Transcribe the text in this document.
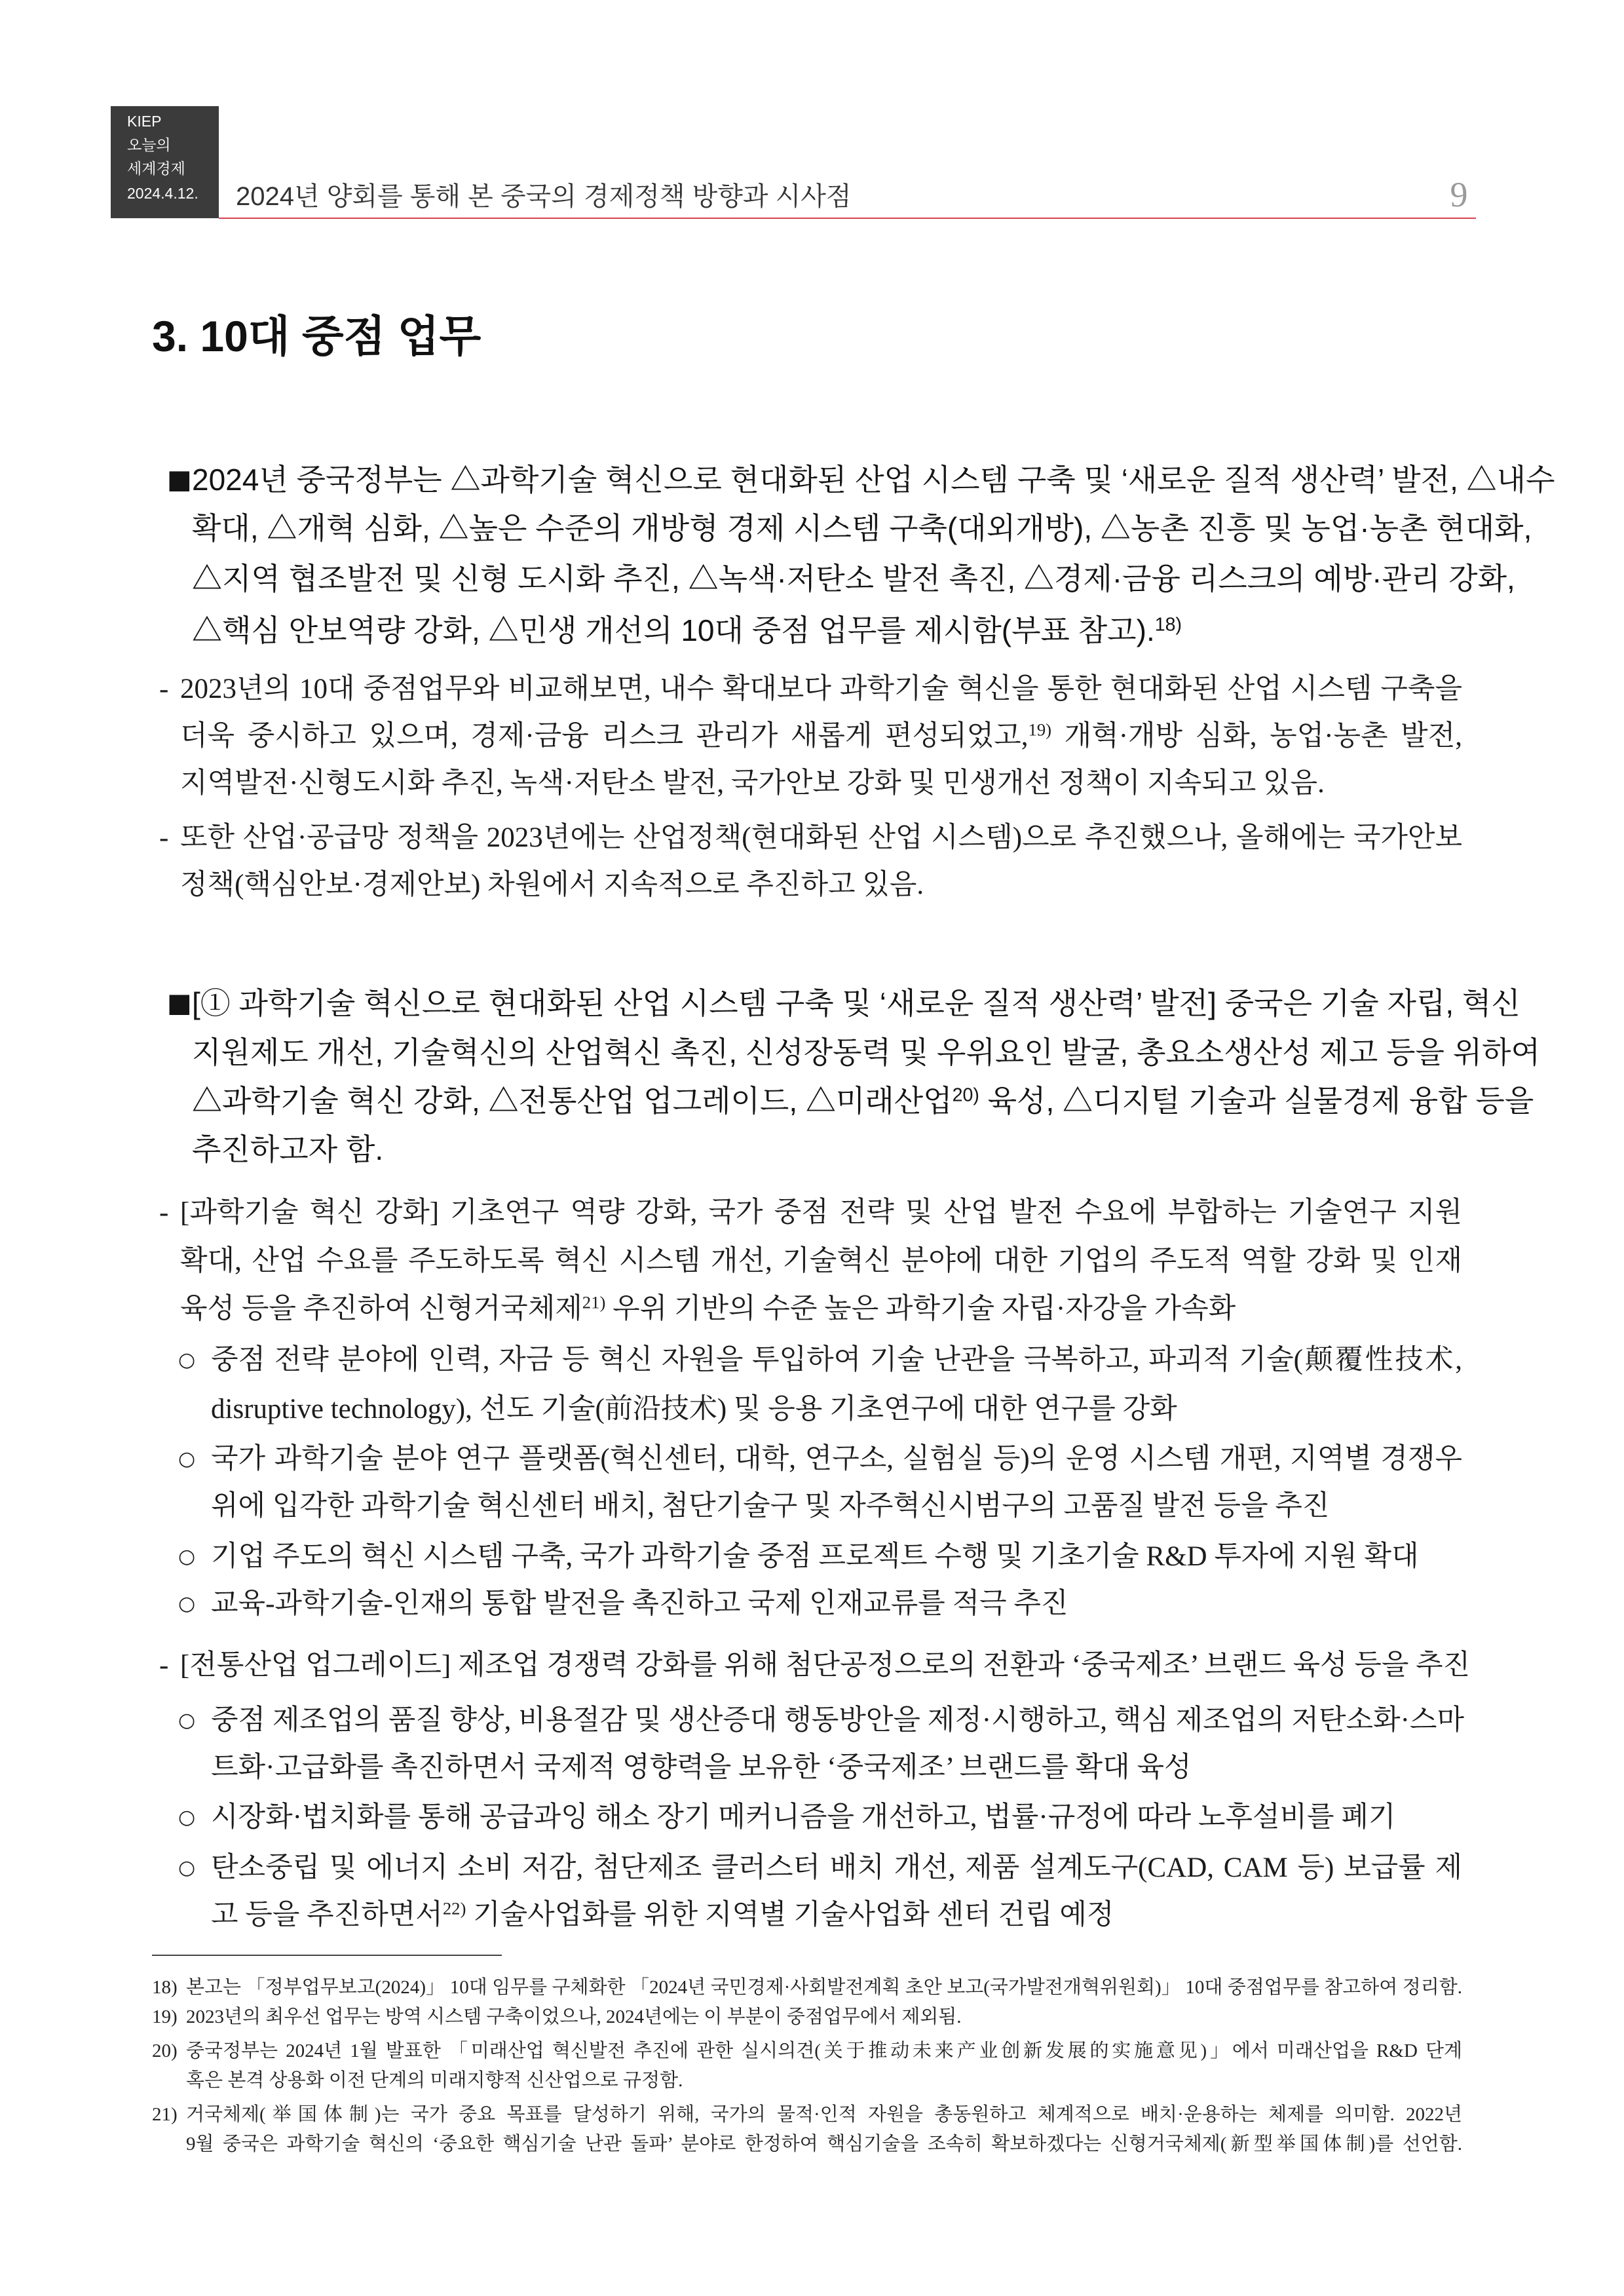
KIEP
오늘의
세계경제
2024.4.12.	2024년 양회를 통해 본 중국의 경제정책 방향과 시사점	9
3. 10대 중점 업무
■ 2024년 중국정부는 △과학기술 혁신으로 현대화된 산업 시스템 구축 및 ‘새로운 질적 생산력’ 발전, △내수
확대, △개혁 심화, △높은 수준의 개방형 경제 시스템 구축(대외개방), △농촌 진흥 및 농업·농촌 현대화,
△지역 협조발전 및 신형 도시화 추진, △녹색·저탄소 발전 촉진, △경제·금융 리스크의 예방·관리 강화,
△핵심 안보역량 강화, △민생 개선의 10대 중점 업무를 제시함(부표 참고).$^{18)}$
- 2023년의 10대 중점업무와 비교해보면, 내수 확대보다 과학기술 혁신을 통한 현대화된 산업 시스템 구축을
더욱 중시하고 있으며, 경제·금융 리스크 관리가 새롭게 편성되었고,$^{19)}$ 개혁·개방 심화, 농업·농촌 발전,
지역발전·신형도시화 추진, 녹색·저탄소 발전, 국가안보 강화 및 민생개선 정책이 지속되고 있음.
- 또한 산업·공급망 정책을 2023년에는 산업정책(현대화된 산업 시스템)으로 추진했으나, 올해에는 국가안보
정책(핵심안보·경제안보) 차원에서 지속적으로 추진하고 있음.
■ [① 과학기술 혁신으로 현대화된 산업 시스템 구축 및 ‘새로운 질적 생산력’ 발전] 중국은 기술 자립, 혁신
지원제도 개선, 기술혁신의 산업혁신 촉진, 신성장동력 및 우위요인 발굴, 총요소생산성 제고 등을 위하여
△과학기술 혁신 강화, △전통산업 업그레이드, △미래산업$^{20)}$ 육성, △디지털 기술과 실물경제 융합 등을
추진하고자 함.
- [과학기술 혁신 강화] 기초연구 역량 강화, 국가 중점 전략 및 산업 발전 수요에 부합하는 기술연구 지원
확대, 산업 수요를 주도하도록 혁신 시스템 개선, 기술혁신 분야에 대한 기업의 주도적 역할 강화 및 인재
육성 등을 추진하여 신형거국체제$^{21)}$ 우위 기반의 수준 높은 과학기술 자립·자강을 가속화
○ 중점 전략 분야에 인력, 자금 등 혁신 자원을 투입하여 기술 난관을 극복하고, 파괴적 기술(颠覆性技术,
disruptive technology), 선도 기술(前沿技术) 및 응용 기초연구에 대한 연구를 강화
○ 국가 과학기술 분야 연구 플랫폼(혁신센터, 대학, 연구소, 실험실 등)의 운영 시스템 개편, 지역별 경쟁우
위에 입각한 과학기술 혁신센터 배치, 첨단기술구 및 자주혁신시범구의 고품질 발전 등을 추진
○ 기업 주도의 혁신 시스템 구축, 국가 과학기술 중점 프로젝트 수행 및 기초기술 R&D 투자에 지원 확대
○ 교육-과학기술-인재의 통합 발전을 촉진하고 국제 인재교류를 적극 추진
- [전통산업 업그레이드] 제조업 경쟁력 강화를 위해 첨단공정으로의 전환과 ‘중국제조’ 브랜드 육성 등을 추진
○ 중점 제조업의 품질 향상, 비용절감 및 생산증대 행동방안을 제정·시행하고, 핵심 제조업의 저탄소화·스마
트화·고급화를 촉진하면서 국제적 영향력을 보유한 ‘중국제조’ 브랜드를 확대 육성
○ 시장화·법치화를 통해 공급과잉 해소 장기 메커니즘을 개선하고, 법률·규정에 따라 노후설비를 폐기
○ 탄소중립 및 에너지 소비 저감, 첨단제조 클러스터 배치 개선, 제품 설계도구(CAD, CAM 등) 보급률 제
고 등을 추진하면서$^{22)}$ 기술사업화를 위한 지역별 기술사업화 센터 건립 예정
18) 본고는 「정부업무보고(2024)」 10대 임무를 구체화한 「2024년 국민경제·사회발전계획 초안 보고(국가발전개혁위원회)」 10대 중점업무를 참고하여 정리함.
19) 2023년의 최우선 업무는 방역 시스템 구축이었으나, 2024년에는 이 부분이 중점업무에서 제외됨.
20) 중국정부는 2024년 1월 발표한 「미래산업 혁신발전 추진에 관한 실시의견(关于推动未来产业创新发展的实施意见)」에서 미래산업을 R&D 단계
혹은 본격 상용화 이전 단계의 미래지향적 신산업으로 규정함.
21) 거국체제(举国体制)는 국가 중요 목표를 달성하기 위해, 국가의 물적·인적 자원을 총동원하고 체계적으로 배치·운용하는 체제를 의미함. 2022년
9월 중국은 과학기술 혁신의 ‘중요한 핵심기술 난관 돌파’ 분야로 한정하여 핵심기술을 조속히 확보하겠다는 신형거국체제(新型举国体制)를 선언함.
